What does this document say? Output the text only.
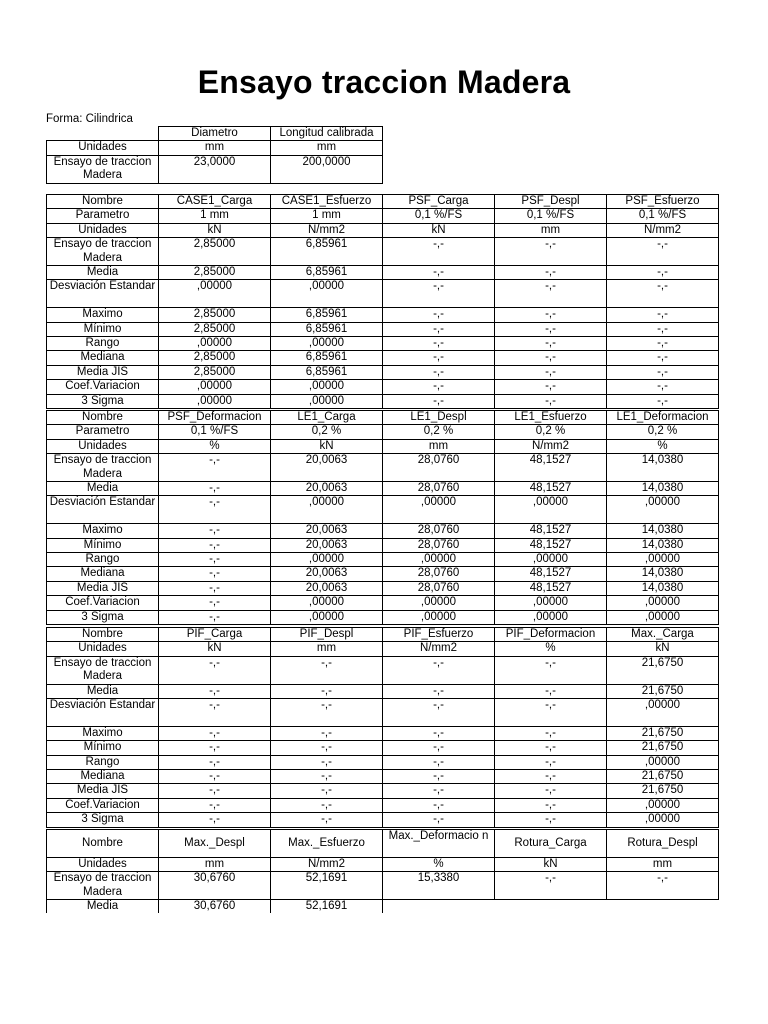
Ensayo traccion Madera
Forma: Cilindrica
	Diametro	Longitud calibrada
Unidades	mm	mm
Ensayo de traccion Madera	23,0000	200,0000
Nombre	CASE1_Carga	CASE1_Esfuerzo	PSF_Carga	PSF_Despl	PSF_Esfuerzo
Parametro	1 mm	1 mm	0,1 %/FS	0,1 %/FS	0,1 %/FS
Unidades	kN	N/mm2	kN	mm	N/mm2
Ensayo de traccion Madera	2,85000	6,85961	-,-	-,-	-,-
Media	2,85000	6,85961	-,-	-,-	-,-
Desviación Estandar	,00000	,00000	-,-	-,-	-,-
Maximo	2,85000	6,85961	-,-	-,-	-,-
Mínimo	2,85000	6,85961	-,-	-,-	-,-
Rango	,00000	,00000	-,-	-,-	-,-
Mediana	2,85000	6,85961	-,-	-,-	-,-
Media JIS	2,85000	6,85961	-,-	-,-	-,-
Coef.Variacion	,00000	,00000	-,-	-,-	-,-
3 Sigma	,00000	,00000	-,-	-,-	-,-
Nombre	PSF_Deformacion	LE1_Carga	LE1_Despl	LE1_Esfuerzo	LE1_Deformacion
Parametro	0,1 %/FS	0,2 %	0,2 %	0,2 %	0,2 %
Unidades	%	kN	mm	N/mm2	%
Ensayo de traccion Madera	-,-	20,0063	28,0760	48,1527	14,0380
Media	-,-	20,0063	28,0760	48,1527	14,0380
Desviación Estandar	-,-	,00000	,00000	,00000	,00000
Maximo	-,-	20,0063	28,0760	48,1527	14,0380
Mínimo	-,-	20,0063	28,0760	48,1527	14,0380
Rango	-,-	,00000	,00000	,00000	,00000
Mediana	-,-	20,0063	28,0760	48,1527	14,0380
Media JIS	-,-	20,0063	28,0760	48,1527	14,0380
Coef.Variacion	-,-	,00000	,00000	,00000	,00000
3 Sigma	-,-	,00000	,00000	,00000	,00000
Nombre	PIF_Carga	PIF_Despl	PIF_Esfuerzo	PIF_Deformacion	Max._Carga
Unidades	kN	mm	N/mm2	%	kN
Ensayo de traccion Madera	-,-	-,-	-,-	-,-	21,6750
Media	-,-	-,-	-,-	-,-	21,6750
Desviación Estandar	-,-	-,-	-,-	-,-	,00000
Maximo	-,-	-,-	-,-	-,-	21,6750
Mínimo	-,-	-,-	-,-	-,-	21,6750
Rango	-,-	-,-	-,-	-,-	,00000
Mediana	-,-	-,-	-,-	-,-	21,6750
Media JIS	-,-	-,-	-,-	-,-	21,6750
Coef.Variacion	-,-	-,-	-,-	-,-	,00000
3 Sigma	-,-	-,-	-,-	-,-	,00000
Nombre	Max._Despl	Max._Esfuerzo	Max._Deformacio n	Rotura_Carga	Rotura_Despl
Unidades	mm	N/mm2	%	kN	mm
Ensayo de traccion Madera	30,6760	52,1691	15,3380	-,-	-,-
Media	30,6760	52,1691			
